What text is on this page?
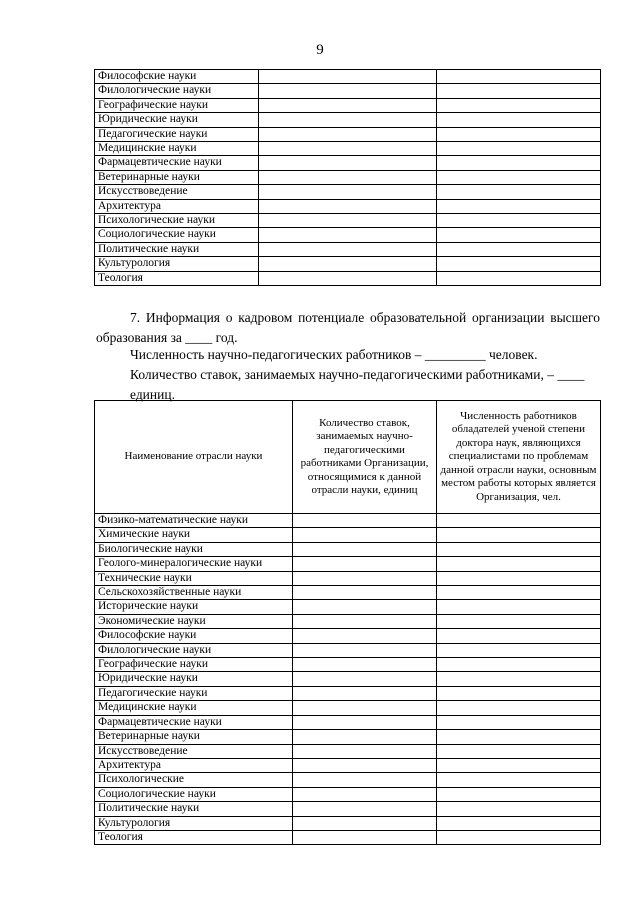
9
Философские науки		
Филологические науки		
Географические науки		
Юридические науки		
Педагогические науки		
Медицинские науки		
Фармацевтические науки		
Ветеринарные науки		
Искусствоведение		
Архитектура		
Психологические науки		
Социологические науки		
Политические науки		
Культурология		
Теология		
7. Информация о кадровом потенциале образовательной организации высшего образования за ____ год.
Численность научно-педагогических работников – _________ человек.
Количество ставок, занимаемых научно-педагогическими работниками, – ____ единиц.
Наименование отрасли науки	Количество ставок, занимаемых научно-педагогическими работниками Организации, относящимися к данной отрасли науки, единиц	Численность работников обладателей ученой степени доктора наук, являющихся специалистами по проблемам данной отрасли науки, основным местом работы которых является Организация, чел.
Физико-математические науки		
Химические науки		
Биологические науки		
Геолого-минералогические науки		
Технические науки		
Сельскохозяйственные науки		
Исторические науки		
Экономические науки		
Философские науки		
Филологические науки		
Географические науки		
Юридические науки		
Педагогические науки		
Медицинские науки		
Фармацевтические науки		
Ветеринарные науки		
Искусствоведение		
Архитектура		
Психологические		
Социологические науки		
Политические науки		
Культурология		
Теология		
